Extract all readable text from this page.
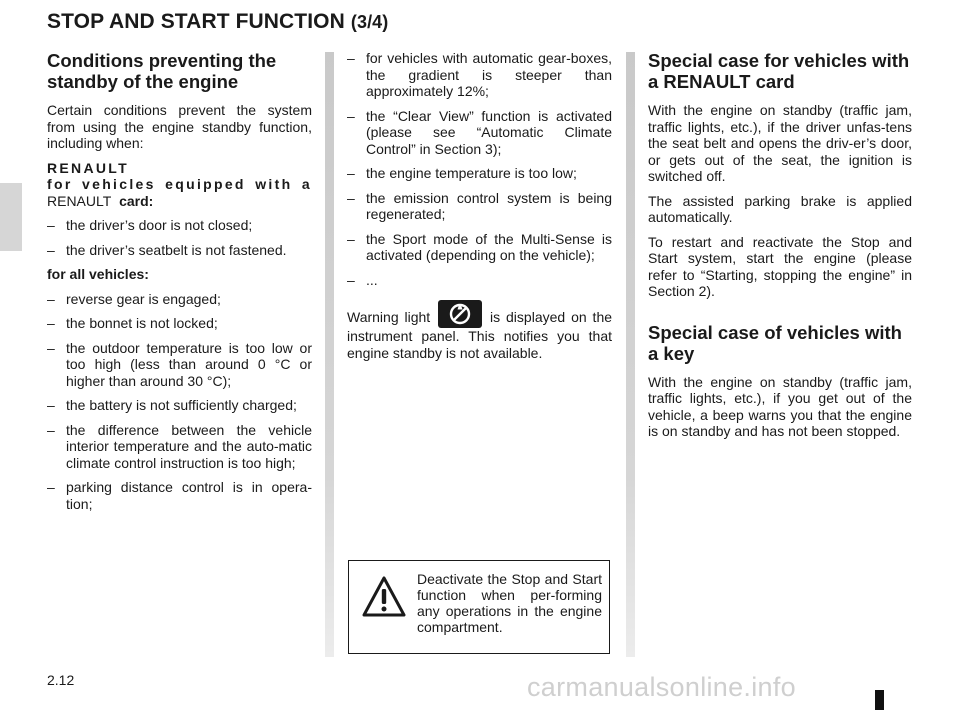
STOP AND START FUNCTION (3/4)
Conditions preventing the
standby of the engine

Certain conditions prevent the system from using the engine standby function, including when:

RENAULT
for vehicles equipped with a
RENAULT card:

– the driver’s door is not closed;
– the driver’s seatbelt is not fastened.

for all vehicles:

– reverse gear is engaged;
– the bonnet is not locked;
– the outdoor temperature is too low or too high (less than around 0 °C or higher than around 30 °C);
– the battery is not sufficiently charged;
– the difference between the vehicle interior temperature and the auto-matic climate control instruction is too high;
– parking distance control is in opera-tion;
– for vehicles with automatic gear-boxes, the gradient is steeper than approximately 12%;
– the “Clear View” function is activated (please see “Automatic Climate Control” in Section 3);
– the engine temperature is too low;
– the emission control system is being regenerated;
– the Sport mode of the Multi-Sense is activated (depending on the vehicle);
– ...

Warning light	is displayed on the instrument panel. This notifies you that engine standby is not available.

Deactivate the Stop and Start function when per-forming any operations in the engine compartment.
Special case for vehicles with
a RENAULT card

With the engine on standby (traffic jam, traffic lights, etc.), if the driver unfas-tens the seat belt and opens the driv-er’s door, or gets out of the seat, the ignition is switched off.

The assisted parking brake is applied automatically.

To restart and reactivate the Stop and Start system, start the engine (please refer to “Starting, stopping the engine” in Section 2).

Special case of vehicles with
a key

With the engine on standby (traffic jam, traffic lights, etc.), if you get out of the vehicle, a beep warns you that the engine is on standby and has not been stopped.

2.12	carmanualsonline.info
